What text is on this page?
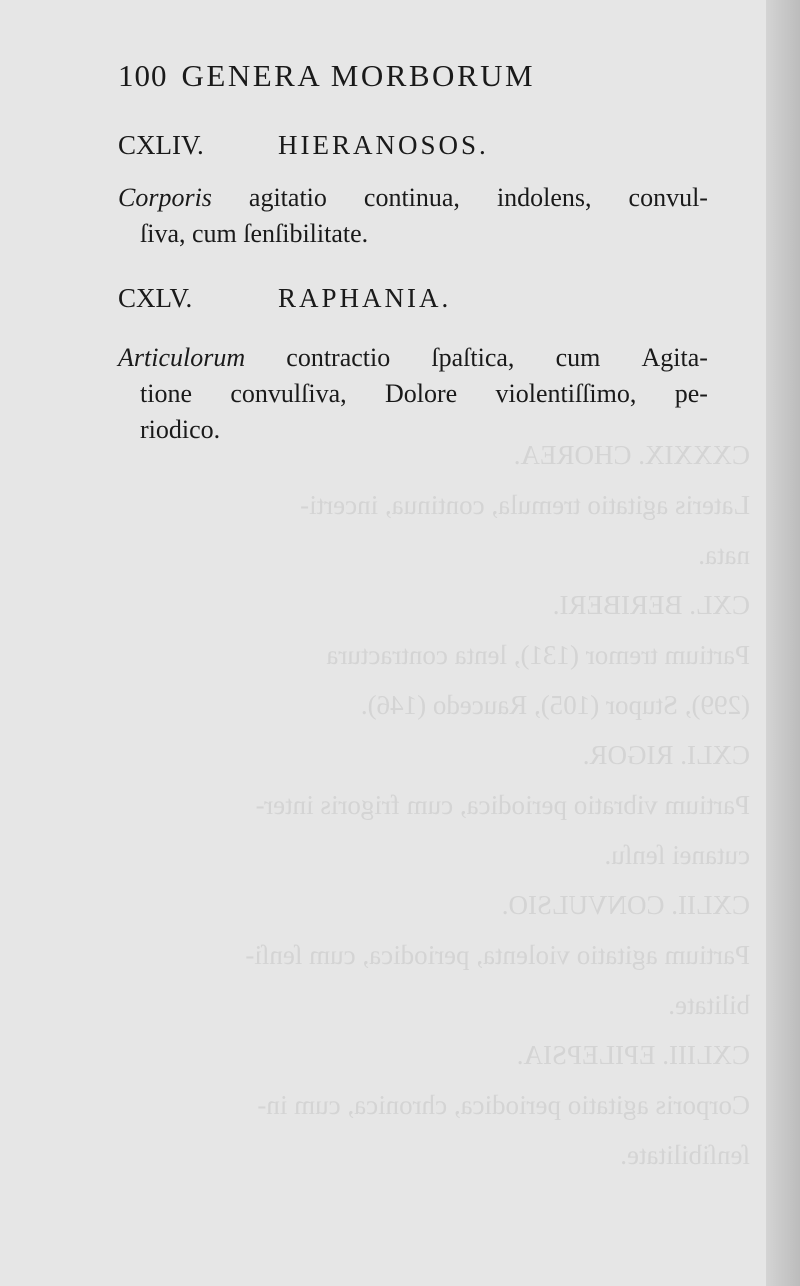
CXXXIX. CHOREA.
Lateris agitatio tremula, continua, incerti-
nata.
CXL. BERIBERI.
Partium tremor (131), lenta contractura
(299), Stupor (105), Raucedo (146).
CXLI. RIGOR.
Partium vibratio periodica, cum frigoris inter-
cutanei ſenſu.
CXLII. CONVULSIO.
Partium agitatio violenta, periodica, cum ſenſi-
bilitate.
CXLIII. EPILEPSIA.
Corporis agitatio periodica, chronica, cum in-
ſenſibilitate.
100 GENERA MORBORUM
CXLIV.	HIERANOSOS.
Corporis agitatio continua, indolens, convul-
ſiva, cum ſenſibilitate.
CXLV.	RAPHANIA.
Articulorum contractio ſpaſtica, cum Agita-
tione convulſiva, Dolore violentiſſimo, pe-
riodico.
